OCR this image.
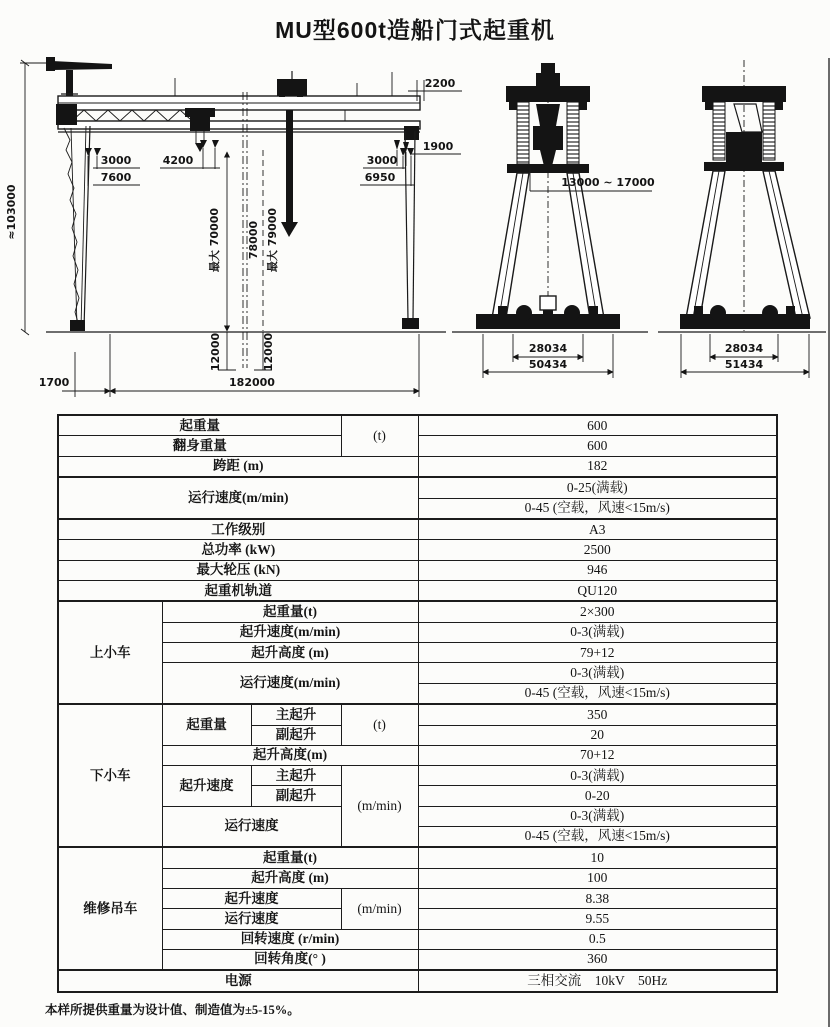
MU型600t造船门式起重机
≈103000
2200
1900
3000
7600
4200	3000
6950
最大 70000 78000 最大 79000
12000	12000
1700	182000
13000 ~ 17000
28034
50434
28034
51434
起重量			(t)	600
翻身重量				600
跨距 (m)				182
运行速度(m/min)				0-25(满载)
				0-45 (空载，风速<15m/s)
工作级别				A3
总功率 (kW)				2500
最大轮压 (kN)				946
起重机轨道				QU120
上小车	起重量(t)			2×300
	起升速度(m/min)			0-3(满载)
	起升高度 (m)			79+12
	运行速度(m/min)			0-3(满载)
				0-45 (空载，风速<15m/s)
下小车	起重量	主起升	(t)	350
		副起升		20
	起升高度(m)			70+12
	起升速度	主起升	(m/min)	0-3(满载)
		副起升		0-20
	运行速度			0-3(满载)
				0-45 (空载，风速<15m/s)
维修吊车	起重量(t)			10
	起升高度 (m)			100
	起升速度		(m/min)	8.38
	运行速度			9.55
	回转速度 (r/min)			0.5
	回转角度(° )			360
电源				三相交流　10kV　50Hz
本样所提供重量为设计值、制造值为±5-15%。
